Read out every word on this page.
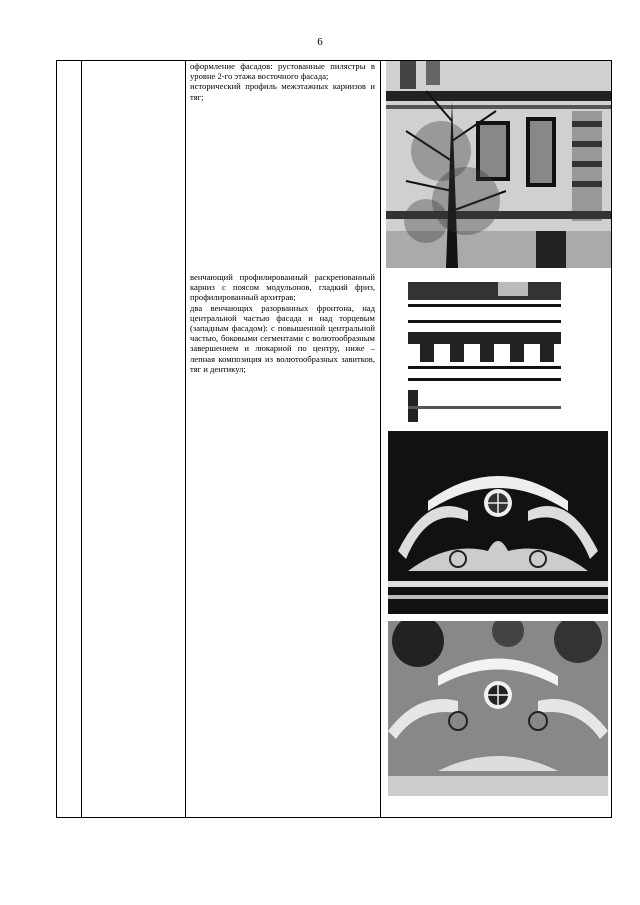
6

оформление фасадов: рустованные пилястры в уровне 2-го этажа восточного фасада;

исторический профиль межэтажных карнизов и тяг;

венчающий профилированный раскрепованный карниз с поясом модульонов, гладкий фриз, профилированный архитрав;

два венчающих разорванных фронтона, над центральной частью фасада и над торцевым (западным фасадом): с повышенной центральной частью, боковыми сегментами с волютообразным завершением и люкарной по центру, ниже – лепная композиция из волютообразных завитков, тяг и дентикул;
